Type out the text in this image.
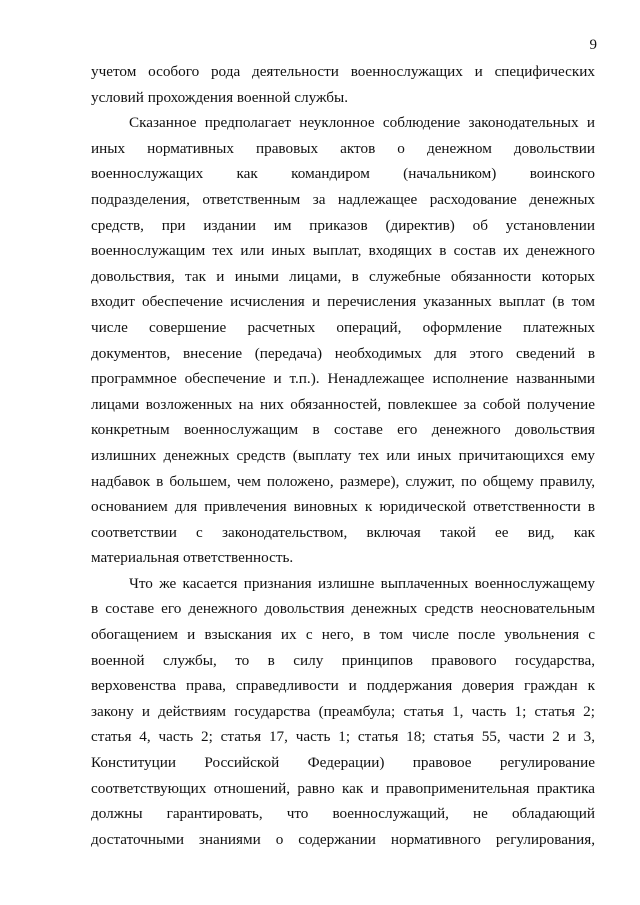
9
учетом особого рода деятельности военнослужащих и специфических
условий прохождения военной службы.
Сказанное предполагает неуклонное соблюдение законодательных и
иных нормативных правовых актов о денежном довольствии
военнослужащих как командиром (начальником) воинского
подразделения, ответственным за надлежащее расходование денежных
средств, при издании им приказов (директив) об установлении
военнослужащим тех или иных выплат, входящих в состав их денежного
довольствия, так и иными лицами, в служебные обязанности которых
входит обеспечение исчисления и перечисления указанных выплат (в том
числе совершение расчетных операций, оформление платежных
документов, внесение (передача) необходимых для этого сведений в
программное обеспечение и т.п.). Ненадлежащее исполнение названными
лицами возложенных на них обязанностей, повлекшее за собой получение
конкретным военнослужащим в составе его денежного довольствия
излишних денежных средств (выплату тех или иных причитающихся ему
надбавок в большем, чем положено, размере), служит, по общему правилу,
основанием для привлечения виновных к юридической ответственности в
соответствии с законодательством, включая такой ее вид, как
материальная ответственность.
Что же касается признания излишне выплаченных военнослужащему
в составе его денежного довольствия денежных средств неосновательным
обогащением и взыскания их с него, в том числе после увольнения с
военной службы, то в силу принципов правового государства,
верховенства права, справедливости и поддержания доверия граждан к
закону и действиям государства (преамбула; статья 1, часть 1; статья 2;
статья 4, часть 2; статья 17, часть 1; статья 18; статья 55, части 2 и 3,
Конституции Российской Федерации) правовое регулирование
соответствующих отношений, равно как и правоприменительная практика
должны гарантировать, что военнослужащий, не обладающий
достаточными знаниями о содержании нормативного регулирования,
